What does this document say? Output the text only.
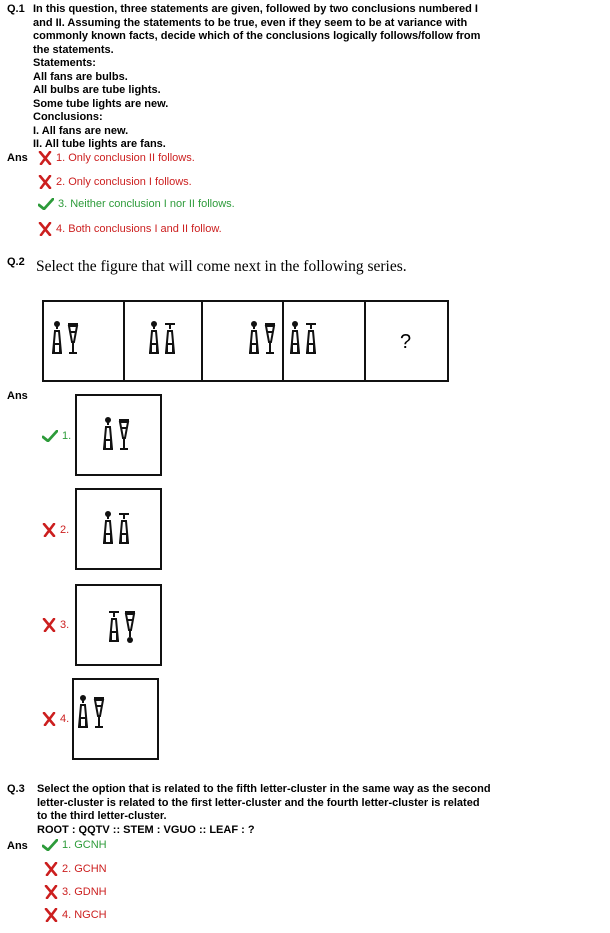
Q.1 In this question, three statements are given, followed by two conclusions numbered I
and II. Assuming the statements to be true, even if they seem to be at variance with
commonly known facts, decide which of the conclusions logically follows/follow from
the statements.
Statements:
All fans are bulbs.
All bulbs are tube lights.
Some tube lights are new.
Conclusions:
I. All fans are new.
II. All tube lights are fans.
Ans	1. Only conclusion II follows.
2. Only conclusion I follows.
3. Neither conclusion I nor II follows.
4. Both conclusions I and II follow.
Q.2 Select the figure that will come next in the following series.
?
Ans
1.
2.
3.
4.
Q.3 Select the option that is related to the fifth letter-cluster in the same way as the second
letter-cluster is related to the first letter-cluster and the fourth letter-cluster is related
to the third letter-cluster.
ROOT : QQTV :: STEM : VGUO :: LEAF : ?
Ans	1. GCNH
2. GCHN
3. GDNH
4. NGCH
